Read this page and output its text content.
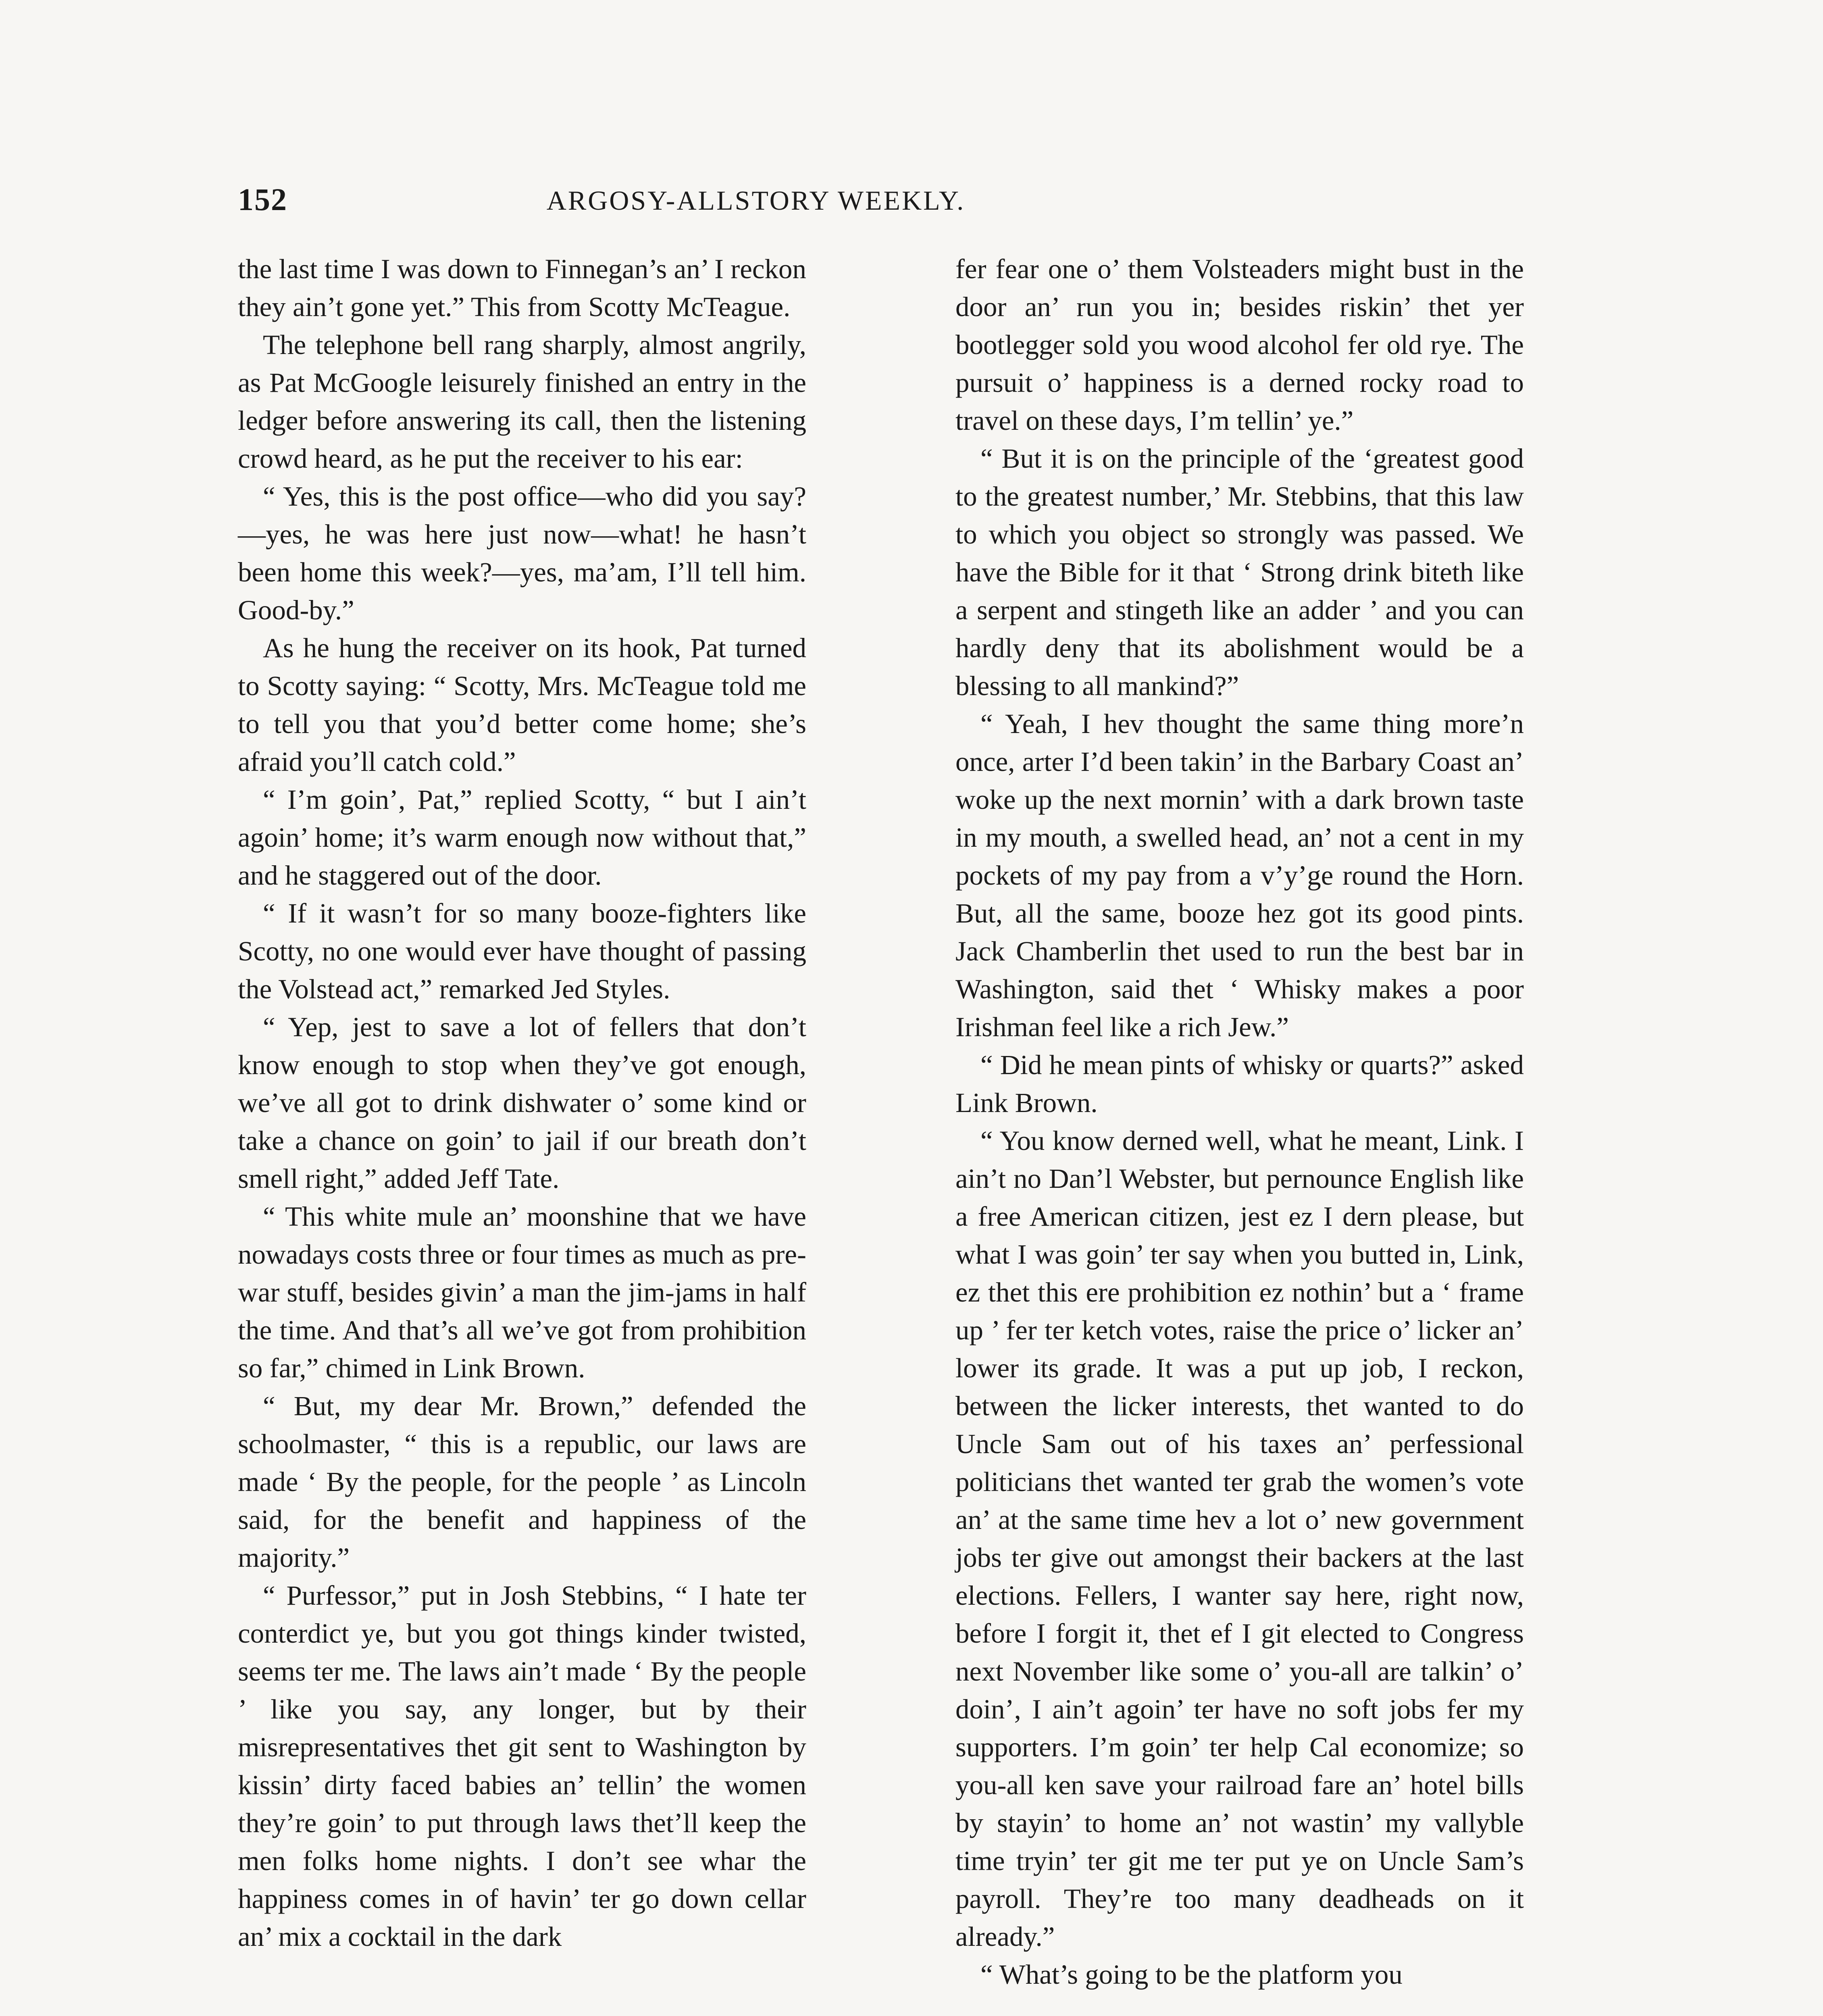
152	ARGOSY-ALLSTORY WEEKLY.

the last time I was down to Finnegan’s an’ I reckon they ain’t gone yet.” This from Scotty McTeague.

The telephone bell rang sharply, almost angrily, as Pat McGoogle leisurely finished an entry in the ledger before answering its call, then the listening crowd heard, as he put the receiver to his ear:

“ Yes, this is the post office—who did you say?—yes, he was here just now—what! he hasn’t been home this week?—yes, ma’am, I’ll tell him. Good-by.”

As he hung the receiver on its hook, Pat turned to Scotty saying: “ Scotty, Mrs. McTeague told me to tell you that you’d better come home; she’s afraid you’ll catch cold.”

“ I’m goin’, Pat,” replied Scotty, “ but I ain’t agoin’ home; it’s warm enough now without that,” and he staggered out of the door.

“ If it wasn’t for so many booze-fighters like Scotty, no one would ever have thought of passing the Volstead act,” remarked Jed Styles.

“ Yep, jest to save a lot of fellers that don’t know enough to stop when they’ve got enough, we’ve all got to drink dishwater o’ some kind or take a chance on goin’ to jail if our breath don’t smell right,” added Jeff Tate.

“ This white mule an’ moonshine that we have nowadays costs three or four times as much as pre-war stuff, besides givin’ a man the jim-jams in half the time. And that’s all we’ve got from prohibition so far,” chimed in Link Brown.

“ But, my dear Mr. Brown,” defended the schoolmaster, “ this is a republic, our laws are made ‘ By the people, for the people ’ as Lincoln said, for the benefit and happiness of the majority.”

“ Purfessor,” put in Josh Stebbins, “ I hate ter conterdict ye, but you got things kinder twisted, seems ter me. The laws ain’t made ‘ By the people ’ like you say, any longer, but by their misrepresentatives thet git sent to Washington by kissin’ dirty faced babies an’ tellin’ the women they’re goin’ to put through laws thet’ll keep the men folks home nights. I don’t see whar the happiness comes in of havin’ ter go down cellar an’ mix a cocktail in the dark

fer fear one o’ them Volsteaders might bust in the door an’ run you in; besides riskin’ thet yer bootlegger sold you wood alcohol fer old rye. The pursuit o’ happiness is a derned rocky road to travel on these days, I’m tellin’ ye.”

“ But it is on the principle of the ‘greatest good to the greatest number,’ Mr. Stebbins, that this law to which you object so strongly was passed. We have the Bible for it that ‘ Strong drink biteth like a serpent and stingeth like an adder ’ and you can hardly deny that its abolishment would be a blessing to all mankind?”

“ Yeah, I hev thought the same thing more’n once, arter I’d been takin’ in the Barbary Coast an’ woke up the next mornin’ with a dark brown taste in my mouth, a swelled head, an’ not a cent in my pockets of my pay from a v’y’ge round the Horn. But, all the same, booze hez got its good pints. Jack Chamberlin thet used to run the best bar in Washington, said thet ‘ Whisky makes a poor Irishman feel like a rich Jew.”

“ Did he mean pints of whisky or quarts?” asked Link Brown.

“ You know derned well, what he meant, Link. I ain’t no Dan’l Webster, but pernounce English like a free American citizen, jest ez I dern please, but what I was goin’ ter say when you butted in, Link, ez thet this ere prohibition ez nothin’ but a ‘ frame up ’ fer ter ketch votes, raise the price o’ licker an’ lower its grade. It was a put up job, I reckon, between the licker interests, thet wanted to do Uncle Sam out of his taxes an’ perfessional politicians thet wanted ter grab the women’s vote an’ at the same time hev a lot o’ new government jobs ter give out amongst their backers at the last elections. Fellers, I wanter say here, right now, before I forgit it, thet ef I git elected to Congress next November like some o’ you-all are talkin’ o’ doin’, I ain’t agoin’ ter have no soft jobs fer my supporters. I’m goin’ ter help Cal economize; so you-all ken save your railroad fare an’ hotel bills by stayin’ to home an’ not wastin’ my vallyble time tryin’ ter git me ter put ye on Uncle Sam’s payroll. They’re too many deadheads on it already.”

“ What’s going to be the platform you
